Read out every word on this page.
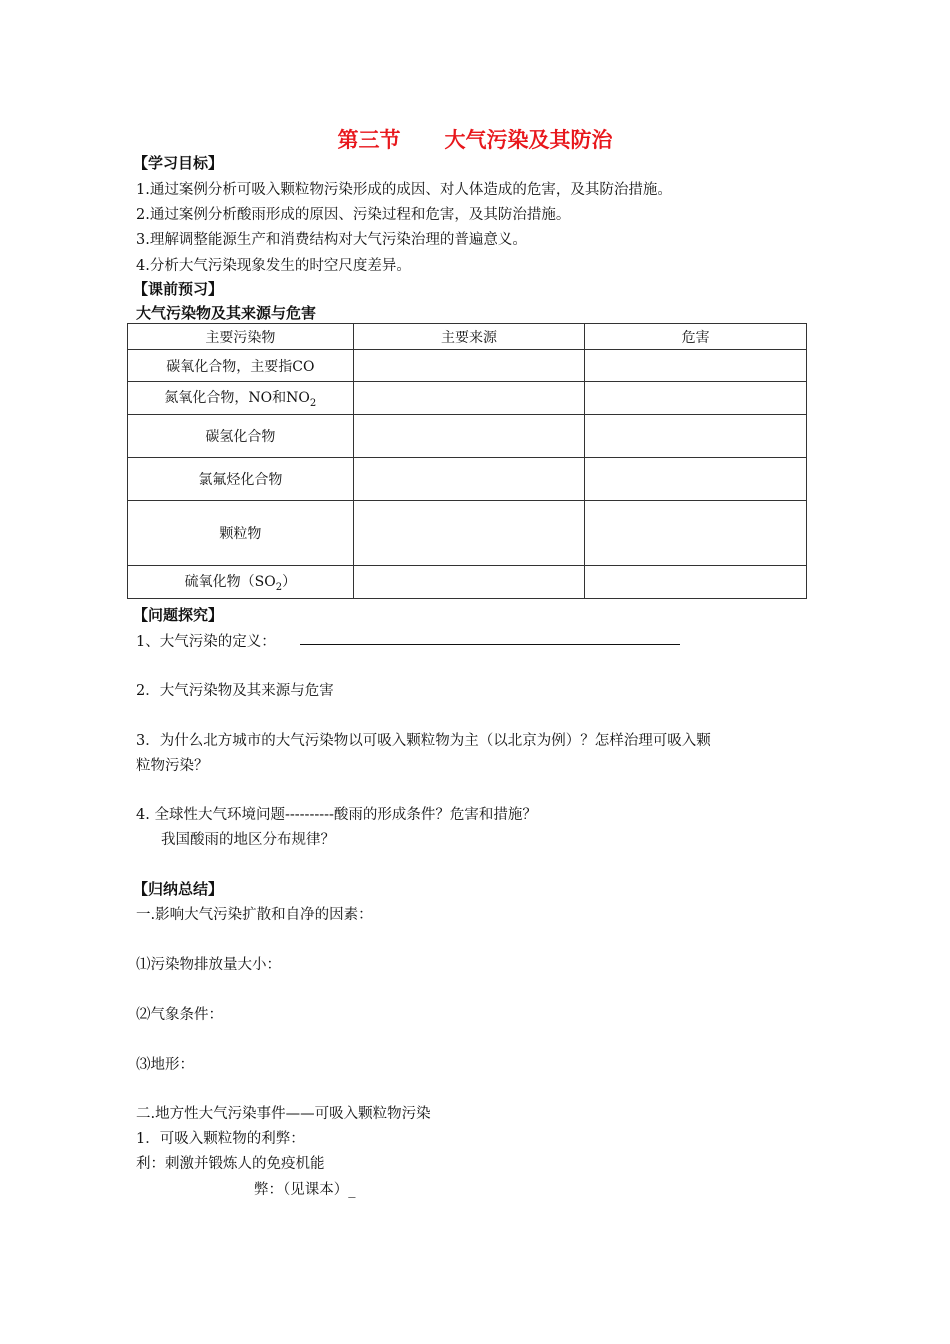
第三节 大气污染及其防治
【学习目标】
1.通过案例分析可吸入颗粒物污染形成的成因、对人体造成的危害，及其防治措施。
2.通过案例分析酸雨形成的原因、污染过程和危害，及其防治措施。
3.理解调整能源生产和消费结构对大气污染治理的普遍意义。
4.分析大气污染现象发生的时空尺度差异。
【课前预习】
大气污染物及其来源与危害
主要污染物	主要来源	危害
碳氧化合物，主要指CO		
氮氧化合物，NO和$NO_2$		
碳氢化合物		
氯氟烃化合物		
颗粒物		
硫氧化物$(SO_2)$		
【问题探究】
1、大气污染的定义：
2．大气污染物及其来源与危害
3．为什么北方城市的大气污染物以可吸入颗粒物为主（以北京为例）？怎样治理可吸入颗
粒物污染？
4. 全球性大气环境问题----------酸雨的形成条件？危害和措施？
我国酸雨的地区分布规律？
【归纳总结】
一.影响大气污染扩散和自净的因素：
⑴污染物排放量大小：
⑵气象条件：
⑶地形：
二.地方性大气污染事件——可吸入颗粒物污染
1．可吸入颗粒物的利弊：
利：刺激并锻炼人的免疫机能
弊：（见课本）_
